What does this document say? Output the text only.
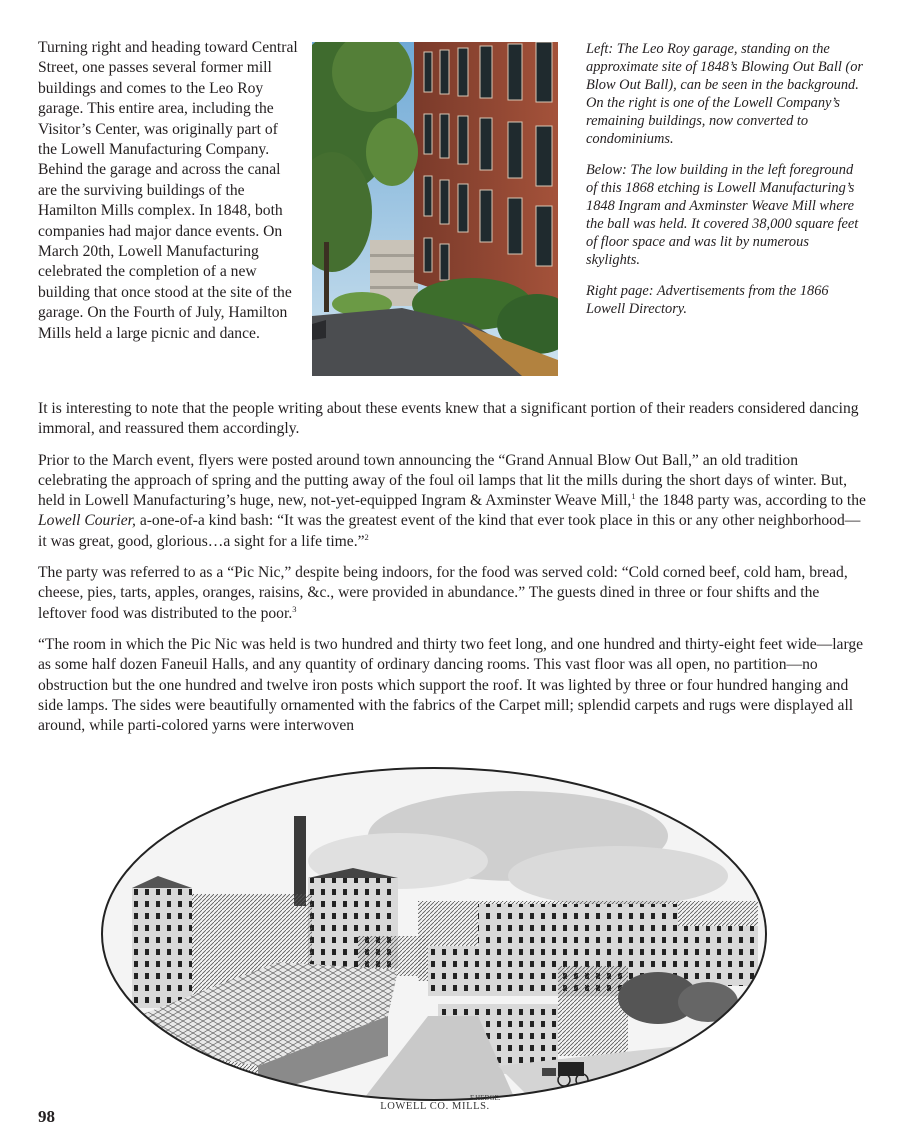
Turning right and heading toward Central Street, one passes several former mill buildings and comes to the Leo Roy garage. This entire area, including the Visitor’s Center, was originally part of the Lowell Manufacturing Company. Behind the garage and across the canal are the surviving buildings of the Hamilton Mills complex. In 1848, both companies had major dance events. On March 20th, Lowell Manufacturing celebrated the completion of a new building that once stood at the site of the garage. On the Fourth of July, Hamilton Mills held a large picnic and dance.

Left: The Leo Roy garage, standing on the approximate site of 1848’s Blowing Out Ball (or Blow Out Ball), can be seen in the background. On the right is one of the Lowell Company’s remaining buildings, now converted to condominiums.

Below: The low building in the left foreground of this 1868 etching is Lowell Manufacturing’s 1848 Ingram and Axminster Weave Mill where the ball was held. It covered 38,000 square feet of floor space and was lit by numerous skylights.

Right page: Advertisements from the 1866 Lowell Directory.

It is interesting to note that the people writing about these events knew that a significant portion of their readers considered dancing immoral, and reassured them accordingly.

Prior to the March event, flyers were posted around town announcing the “Grand Annual Blow Out Ball,” an old tradition celebrating the approach of spring and the putting away of the foul oil lamps that lit the mills during the short days of winter. But, held in Lowell Manufacturing’s huge, new, not-yet-equipped Ingram & Axminster Weave Mill,$^1$ the 1848 party was, according to the Lowell Courier, a-one-of-a kind bash: “It was the greatest event of the kind that ever took place in this or any other neighborhood—it was great, good, glorious…a sight for a life time.”$^2$

The party was referred to as a “Pic Nic,” despite being indoors, for the food was served cold: “Cold corned beef, cold ham, bread, cheese, pies, tarts, apples, oranges, raisins, &c., were provided in abundance.” The guests dined in three or four shifts and the leftover food was distributed to the poor.$^3$

“The room in which the Pic Nic was held is two hundred and thirty two feet long, and one hundred and thirty-eight feet wide—large as some half dozen Faneuil Halls, and any quantity of ordinary dancing rooms. This vast floor was all open, no partition—no obstruction but the one hundred and twelve iron posts which support the roof. It was lighted by three or four hundred hanging and side lamps. The sides were beautifully ornamented with the fabrics of the Carpet mill; splendid carpets and rugs were displayed all around, while parti-colored yarns were interwoven

F.HEDGE.
LOWELL CO. MILLS.
98
